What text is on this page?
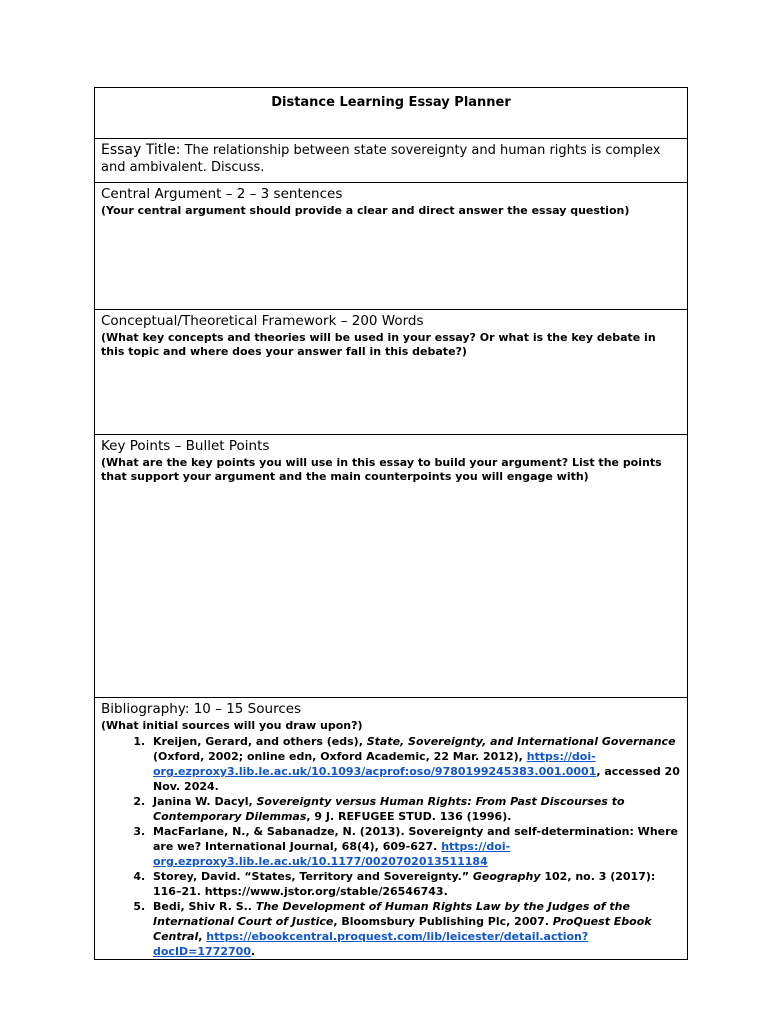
Distance Learning Essay Planner

Essay Title: The relationship between state sovereignty and human rights is complex and ambivalent. Discuss.

Central Argument – 2 – 3 sentences
(Your central argument should provide a clear and direct answer the essay question)

Conceptual/Theoretical Framework – 200 Words
(What key concepts and theories will be used in your essay? Or what is the key debate in this topic and where does your answer fall in this debate?)

Key Points – Bullet Points
(What are the key points you will use in this essay to build your argument? List the points that support your argument and the main counterpoints you will engage with)

Bibliography: 10 – 15 Sources
(What initial sources will you draw upon?)
1. Kreijen, Gerard, and others (eds), State, Sovereignty, and International Governance (Oxford, 2002; online edn, Oxford Academic, 22 Mar. 2012), https://doi-org.ezproxy3.lib.le.ac.uk/10.1093/acprof:oso/9780199245383.001.0001, accessed 20 Nov. 2024.
2. Janina W. Dacyl, Sovereignty versus Human Rights: From Past Discourses to Contemporary Dilemmas, 9 J. REFUGEE STUD. 136 (1996).
3. MacFarlane, N., & Sabanadze, N. (2013). Sovereignty and self-determination: Where are we? International Journal, 68(4), 609-627. https://doi-org.ezproxy3.lib.le.ac.uk/10.1177/0020702013511184
4. Storey, David. “States, Territory and Sovereignty.” Geography 102, no. 3 (2017): 116–21. https://www.jstor.org/stable/26546743.
5. Bedi, Shiv R. S.. The Development of Human Rights Law by the Judges of the International Court of Justice, Bloomsbury Publishing Plc, 2007. ProQuest Ebook Central, https://ebookcentral.proquest.com/lib/leicester/detail.action?docID=1772700.
